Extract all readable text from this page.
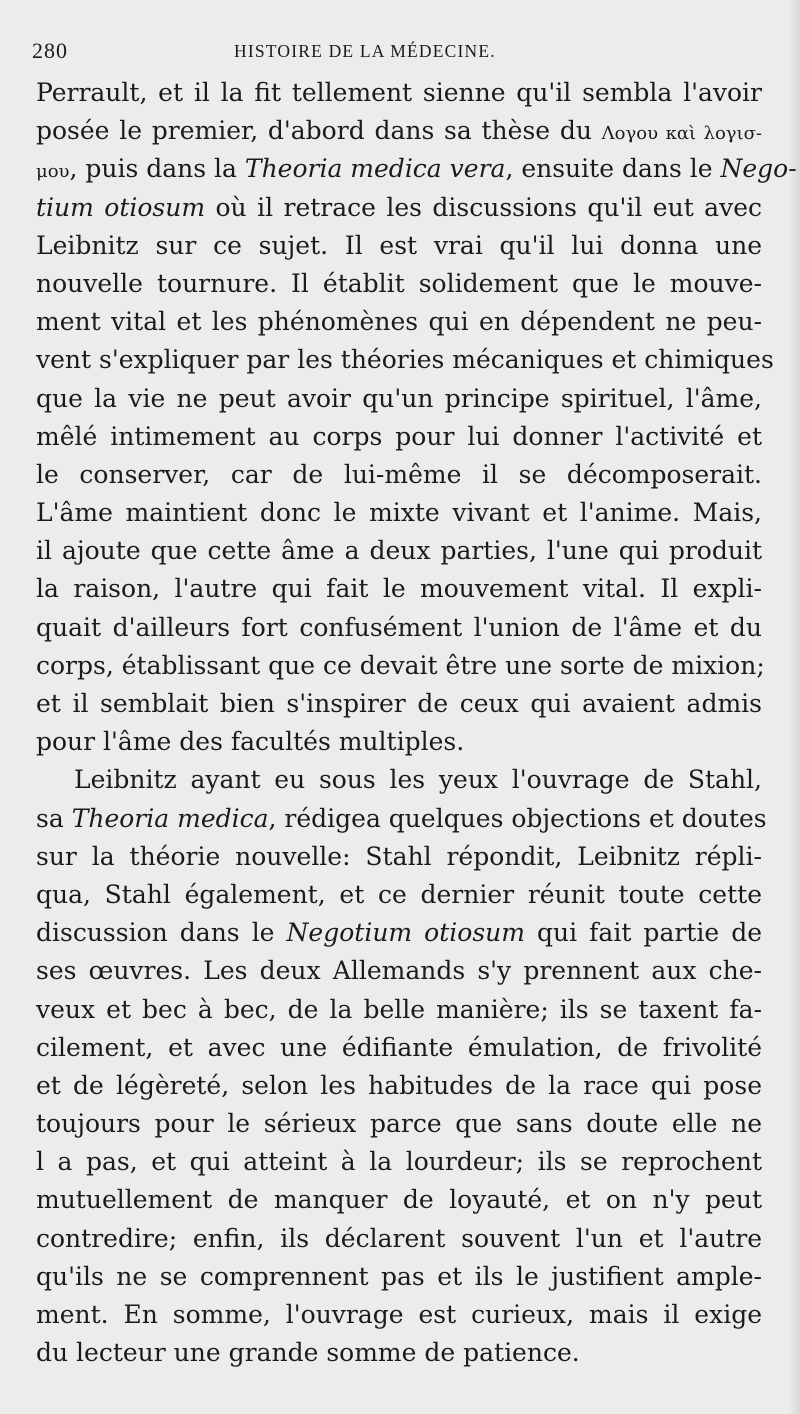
280	HISTOIRE DE LA MÉDECINE.
Perrault, et il la fit tellement sienne qu'il sembla l'avoir
posée le premier, d'abord dans sa thèse du Λογου καὶ λογισ-
μου, puis dans la Theoria medica vera, ensuite dans le Nego-
tium otiosum où il retrace les discussions qu'il eut avec
Leibnitz sur ce sujet. Il est vrai qu'il lui donna une
nouvelle tournure. Il établit solidement que le mouve-
ment vital et les phénomènes qui en dépendent ne peu-
vent s'expliquer par les théories mécaniques et chimiques
que la vie ne peut avoir qu'un principe spirituel, l'âme,
mêlé intimement au corps pour lui donner l'activité et
le conserver, car de lui-même il se décomposerait.
L'âme maintient donc le mixte vivant et l'anime. Mais,
il ajoute que cette âme a deux parties, l'une qui produit
la raison, l'autre qui fait le mouvement vital. Il expli-
quait d'ailleurs fort confusément l'union de l'âme et du
corps, établissant que ce devait être une sorte de mixion;
et il semblait bien s'inspirer de ceux qui avaient admis
pour l'âme des facultés multiples.
Leibnitz ayant eu sous les yeux l'ouvrage de Stahl,
sa Theoria medica, rédigea quelques objections et doutes
sur la théorie nouvelle: Stahl répondit, Leibnitz répli-
qua, Stahl également, et ce dernier réunit toute cette
discussion dans le Negotium otiosum qui fait partie de
ses œuvres. Les deux Allemands s'y prennent aux che-
veux et bec à bec, de la belle manière; ils se taxent fa-
cilement, et avec une édifiante émulation, de frivolité
et de légèreté, selon les habitudes de la race qui pose
toujours pour le sérieux parce que sans doute elle ne
l a pas, et qui atteint à la lourdeur; ils se reprochent
mutuellement de manquer de loyauté, et on n'y peut
contredire; enfin, ils déclarent souvent l'un et l'autre
qu'ils ne se comprennent pas et ils le justifient ample-
ment. En somme, l'ouvrage est curieux, mais il exige
du lecteur une grande somme de patience.
